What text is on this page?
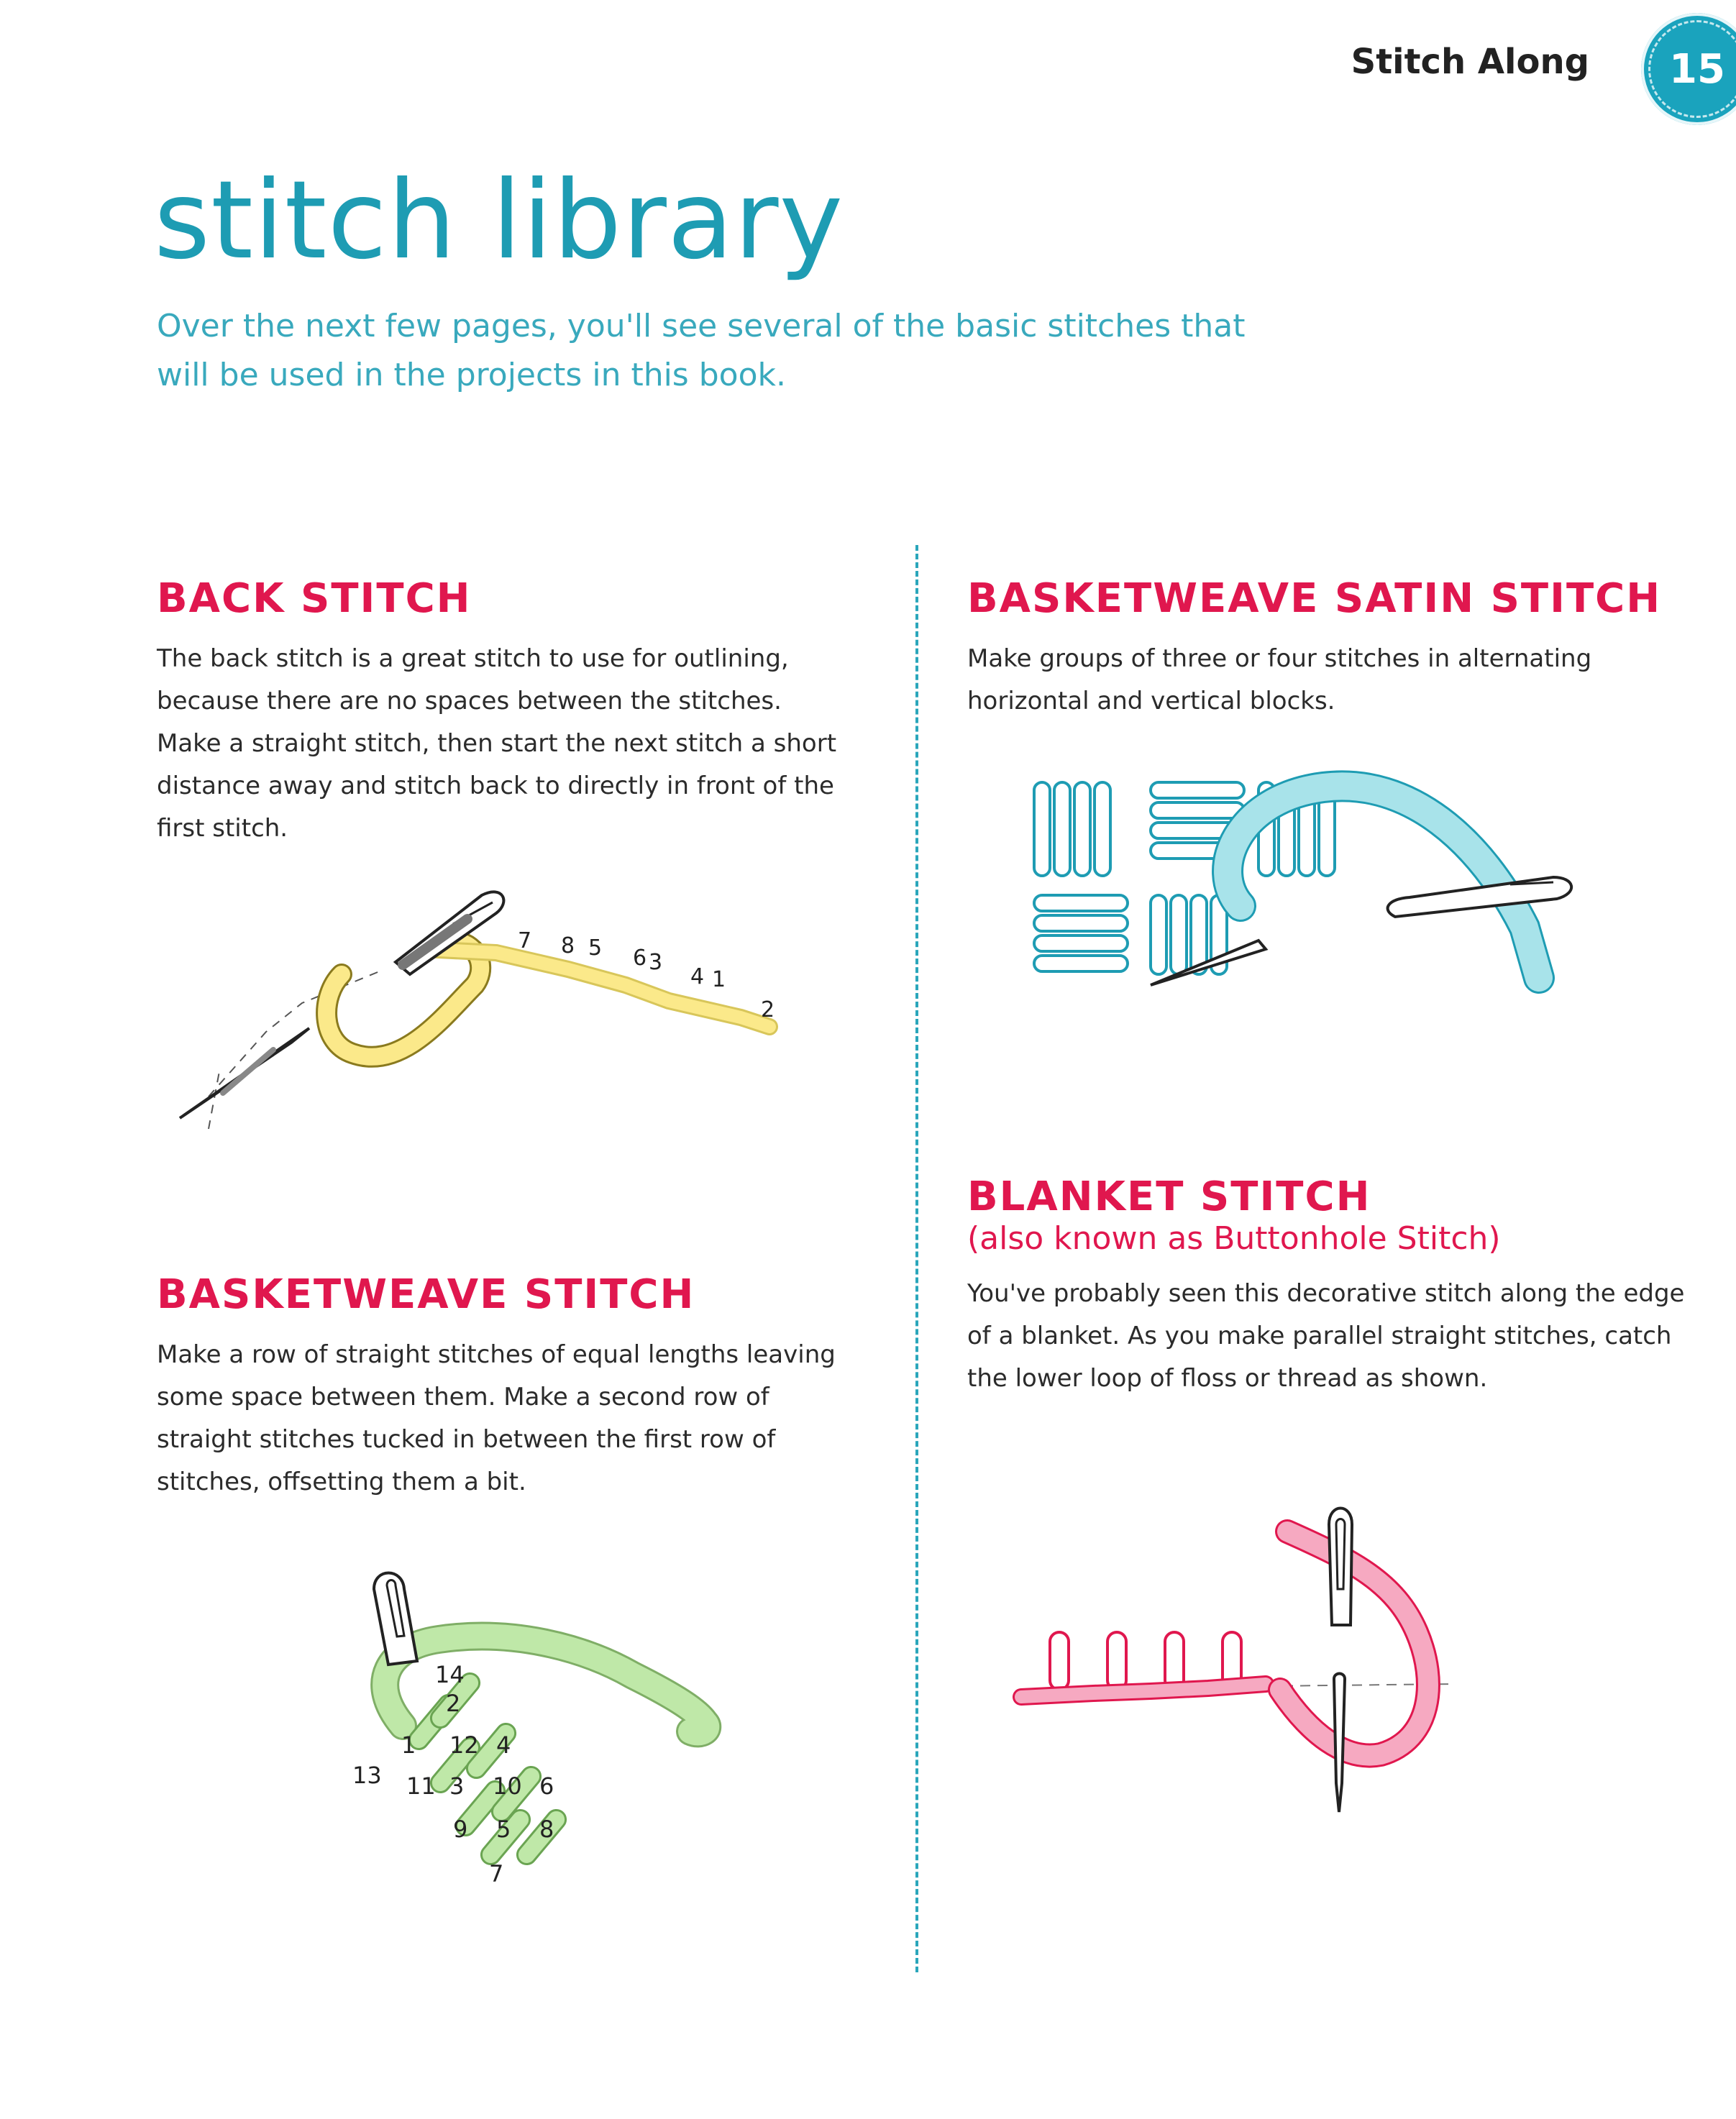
Stitch Along 15
stitch library
Over the next few pages, you'll see several of the basic stitches that will be used in the projects in this book.
BACK STITCH

The back stitch is a great stitch to use for outlining, because there are no spaces between the stitches. Make a straight stitch, then start the next stitch a short distance away and stitch back to directly in front of the first stitch.

7 8 5 6 3
4 1
2
BASKETWEAVE STITCH

Make a row of straight stitches of equal lengths leaving some space between them. Make a second row of straight stitches tucked in between the first row of stitches, offsetting them a bit.

14
2
1 12 4
13 11 3 10 6
9 5 8
7
BASKETWEAVE SATIN STITCH

Make groups of three or four stitches in alternating horizontal and vertical blocks.

BLANKET STITCH
(also known as Buttonhole Stitch)

You've probably seen this decorative stitch along the edge of a blanket. As you make parallel straight stitches, catch the lower loop of floss or thread as shown.
